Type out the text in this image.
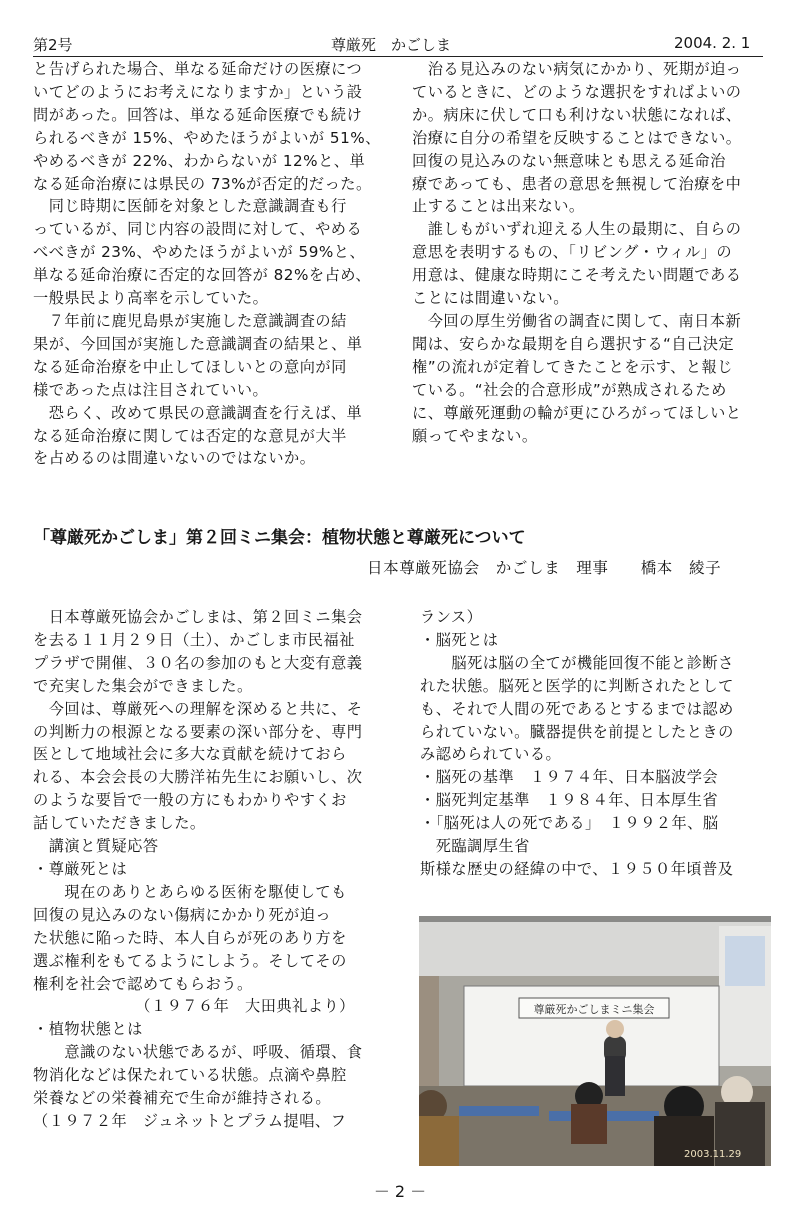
第2号	尊厳死　かごしま	2004. 2. 1

と告げられた場合、単なる延命だけの医療につ

いてどのようにお考えになりますか」という設

問があった。回答は、単なる延命医療でも続け

られるべきが 15%、やめたほうがよいが 51%、

やめるべきが 22%、わからないが 12%と、単

なる延命治療には県民の 73%が否定的だった。

　同じ時期に医師を対象とした意識調査も行

っているが、同じ内容の設問に対して、やめる

べべきが 23%、やめたほうがよいが 59%と、

単なる延命治療に否定的な回答が 82%を占め、

一般県民より高率を示していた。

　７年前に鹿児島県が実施した意識調査の結

果が、今回国が実施した意識調査の結果と、単

なる延命治療を中止してほしいとの意向が同

様であった点は注目されていい。

　恐らく、改めて県民の意識調査を行えば、単

なる延命治療に関しては否定的な意見が大半

を占めるのは間違いないのではないか。

　治る見込みのない病気にかかり、死期が迫っ

ているときに、どのような選択をすればよいの

か。病床に伏して口も利けない状態になれば、

治療に自分の希望を反映することはできない。

回復の見込みのない無意味とも思える延命治

療であっても、患者の意思を無視して治療を中

止することは出来ない。

　誰しもがいずれ迎える人生の最期に、自らの

意思を表明するもの、「リビング・ウィル」の

用意は、健康な時期にこそ考えたい問題である

ことには間違いない。

　今回の厚生労働省の調査に関して、南日本新

聞は、安らかな最期を自ら選択する“自己決定

権”の流れが定着してきたことを示す、と報じ

ている。“社会的合意形成”が熟成されるため

に、尊厳死運動の輪が更にひろがってほしいと

願ってやまない。

「尊厳死かごしま」第２回ミニ集会：植物状態と尊厳死について
日本尊厳死協会　かごしま　理事　　橋本　綾子

　日本尊厳死協会かごしまは、第２回ミニ集会

を去る１１月２９日（土）、かごしま市民福祉

プラザで開催、３０名の参加のもと大変有意義

で充実した集会ができました。

　今回は、尊厳死への理解を深めると共に、そ

の判断力の根源となる要素の深い部分を、専門

医として地域社会に多大な貢献を続けておら

れる、本会会長の大勝洋祐先生にお願いし、次

のような要旨で一般の方にもわかりやすくお

話していただきました。

　講演と質疑応答

・尊厳死とは

　　現在のありとあらゆる医術を駆使しても

回復の見込みのない傷病にかかり死が迫っ

た状態に陥った時、本人自らが死のあり方を

選ぶ権利をもてるようにしよう。そしてその

権利を社会で認めてもらおう。

　　　　　　　（１９７６年　大田典礼より）

・植物状態とは

　　意識のない状態であるが、呼吸、循環、食

物消化などは保たれている状態。点滴や鼻腔

栄養などの栄養補充で生命が維持される。

（１９７２年　ジュネットとプラム提唱、フ

ランス）

・脳死とは

　　脳死は脳の全てが機能回復不能と診断さ

れた状態。脳死と医学的に判断されたとして

も、それで人間の死であるとするまでは認め

られていない。臓器提供を前提としたときの

み認められている。

・脳死の基準　１９７４年、日本脳波学会

・脳死判定基準　１９８４年、日本厚生省

・「脳死は人の死である」　１９９２年、脳

　死臨調厚生省

斯様な歴史の経緯の中で、１９５０年頃普及

尊厳死かごしまミニ集会
2003.11.29
－ 2 －
